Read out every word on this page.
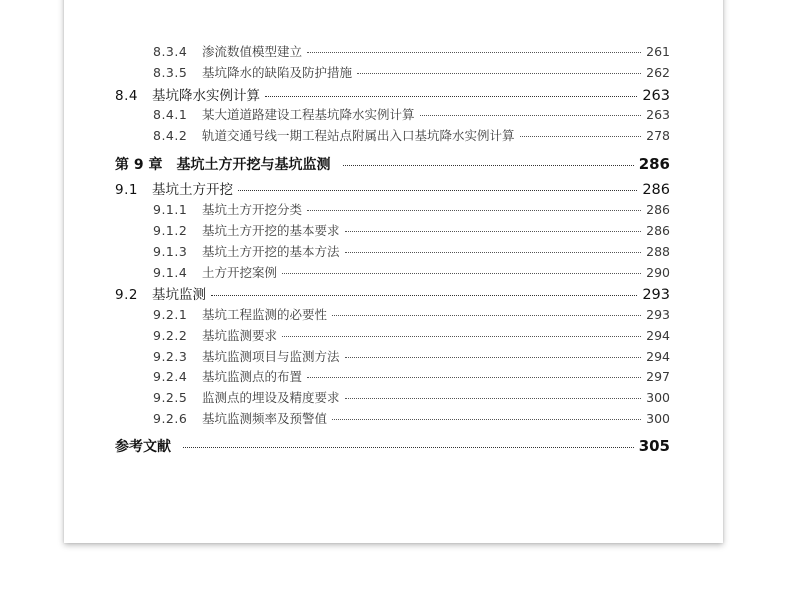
8.3.4	渗流数值模型建立	261
8.3.5	基坑降水的缺陷及防护措施	262
8.4	基坑降水实例计算	263
8.4.1	某大道道路建设工程基坑降水实例计算	263
8.4.2	轨道交通号线一期工程站点附属出入口基坑降水实例计算	278
第 9 章 基坑土方开挖与基坑监测	286
9.1	基坑土方开挖	286
9.1.1	基坑土方开挖分类	286
9.1.2	基坑土方开挖的基本要求	286
9.1.3	基坑土方开挖的基本方法	288
9.1.4	土方开挖案例	290
9.2	基坑监测	293
9.2.1	基坑工程监测的必要性	293
9.2.2	基坑监测要求	294
9.2.3	基坑监测项目与监测方法	294
9.2.4	基坑监测点的布置	297
9.2.5	监测点的埋设及精度要求	300
9.2.6	基坑监测频率及预警值	300
参考文献	305
